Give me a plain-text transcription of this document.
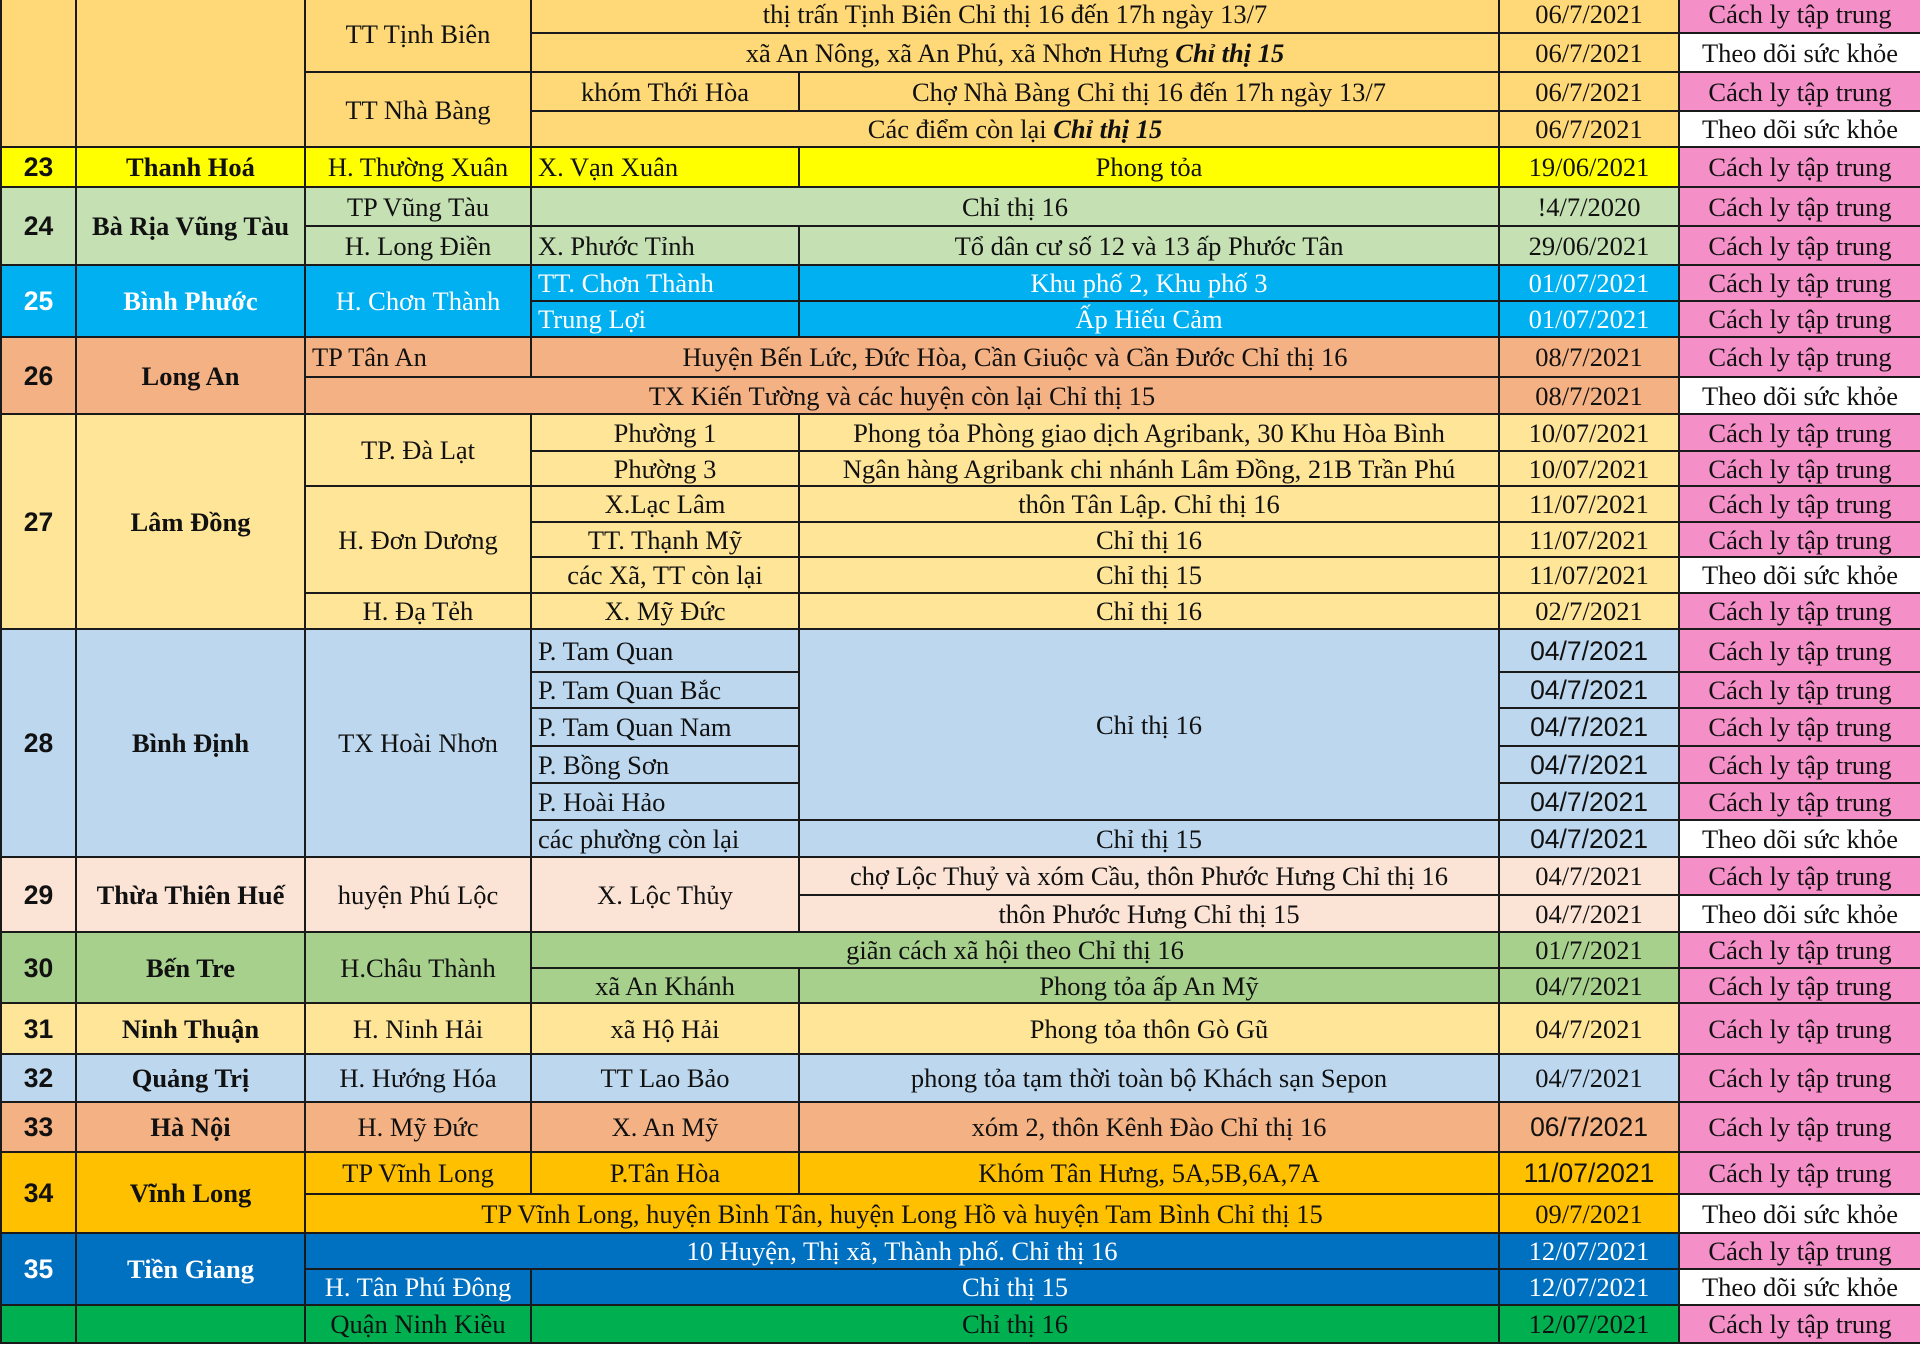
		TT Tịnh Biên	thị trấn Tịnh Biên Chỉ thị 16 đến 17h ngày 13/7		06/7/2021	Cách ly tập trung
			xã An Nông, xã An Phú, xã Nhơn Hưng Chỉ thị 15		06/7/2021	Theo dõi sức khỏe
		TT Nhà Bàng	khóm Thới Hòa	Chợ Nhà Bàng Chỉ thị 16 đến 17h ngày 13/7	06/7/2021	Cách ly tập trung
			Các điểm còn lại Chỉ thị 15		06/7/2021	Theo dõi sức khỏe
23	Thanh Hoá	H. Thường Xuân	X. Vạn Xuân	Phong tỏa	19/06/2021	Cách ly tập trung
24	Bà Rịa Vũng Tàu	TP Vũng Tàu	Chỉ thị 16		!4/7/2020	Cách ly tập trung
		H. Long Điền	X. Phước Tỉnh	Tổ dân cư số 12 và 13 ấp Phước Tân	29/06/2021	Cách ly tập trung
25	Bình Phước	H. Chơn Thành	TT. Chơn Thành	Khu phố 2, Khu phố 3	01/07/2021	Cách ly tập trung
			Trung Lợi	Ấp Hiếu Cảm	01/07/2021	Cách ly tập trung
26	Long An	TP Tân An	Huyện Bến Lức, Đức Hòa, Cần Giuộc và Cần Đước Chỉ thị 16		08/7/2021	Cách ly tập trung
		TX Kiến Tường và các huyện còn lại Chỉ thị 15			08/7/2021	Theo dõi sức khỏe
27	Lâm Đồng	TP. Đà Lạt	Phường 1	Phong tỏa Phòng giao dịch Agribank, 30 Khu Hòa Bình	10/07/2021	Cách ly tập trung
			Phường 3	Ngân hàng Agribank chi nhánh Lâm Đồng, 21B Trần Phú	10/07/2021	Cách ly tập trung
		H. Đơn Dương	X.Lạc Lâm	thôn Tân Lập. Chỉ thị 16	11/07/2021	Cách ly tập trung
			TT. Thạnh Mỹ	Chỉ thị 16	11/07/2021	Cách ly tập trung
			các Xã, TT còn lại	Chỉ thị 15	11/07/2021	Theo dõi sức khỏe
		H. Đạ Tẻh	X. Mỹ Đức	Chỉ thị 16	02/7/2021	Cách ly tập trung
28	Bình Định	TX Hoài Nhơn	P. Tam Quan	Chỉ thị 16	04/7/2021	Cách ly tập trung
			P. Tam Quan Bắc		04/7/2021	Cách ly tập trung
			P. Tam Quan Nam		04/7/2021	Cách ly tập trung
			P. Bồng Sơn		04/7/2021	Cách ly tập trung
			P. Hoài Hảo		04/7/2021	Cách ly tập trung
			các phường còn lại	Chỉ thị 15	04/7/2021	Theo dõi sức khỏe
29	Thừa Thiên Huế	huyện Phú Lộc	X. Lộc Thủy	chợ Lộc Thuỷ và xóm Cầu, thôn Phước Hưng Chỉ thị 16	04/7/2021	Cách ly tập trung
				thôn Phước Hưng Chỉ thị 15	04/7/2021	Theo dõi sức khỏe
30	Bến Tre	H.Châu Thành	giãn cách xã hội theo Chỉ thị 16		01/7/2021	Cách ly tập trung
			xã An Khánh	Phong tỏa ấp An Mỹ	04/7/2021	Cách ly tập trung
31	Ninh Thuận	H. Ninh Hải	xã Hộ Hải	Phong tỏa thôn Gò Gũ	04/7/2021	Cách ly tập trung
32	Quảng Trị	H. Hướng Hóa	TT Lao Bảo	phong tỏa tạm thời toàn bộ Khách sạn Sepon	04/7/2021	Cách ly tập trung
33	Hà Nội	H. Mỹ Đức	X. An Mỹ	xóm 2, thôn Kênh Đào Chỉ thị 16	06/7/2021	Cách ly tập trung
34	Vĩnh Long	TP Vĩnh Long	P.Tân Hòa	Khóm Tân Hưng, 5A,5B,6A,7A	11/07/2021	Cách ly tập trung
		TP Vĩnh Long, huyện Bình Tân, huyện Long Hồ và huyện Tam Bình Chỉ thị 15			09/7/2021	Theo dõi sức khỏe
35	Tiền Giang	10 Huyện, Thị xã, Thành phố. Chỉ thị 16			12/07/2021	Cách ly tập trung
		H. Tân Phú Đông	Chỉ thị 15		12/07/2021	Theo dõi sức khỏe
		Quận Ninh Kiều	Chỉ thị 16		12/07/2021	Cách ly tập trung
